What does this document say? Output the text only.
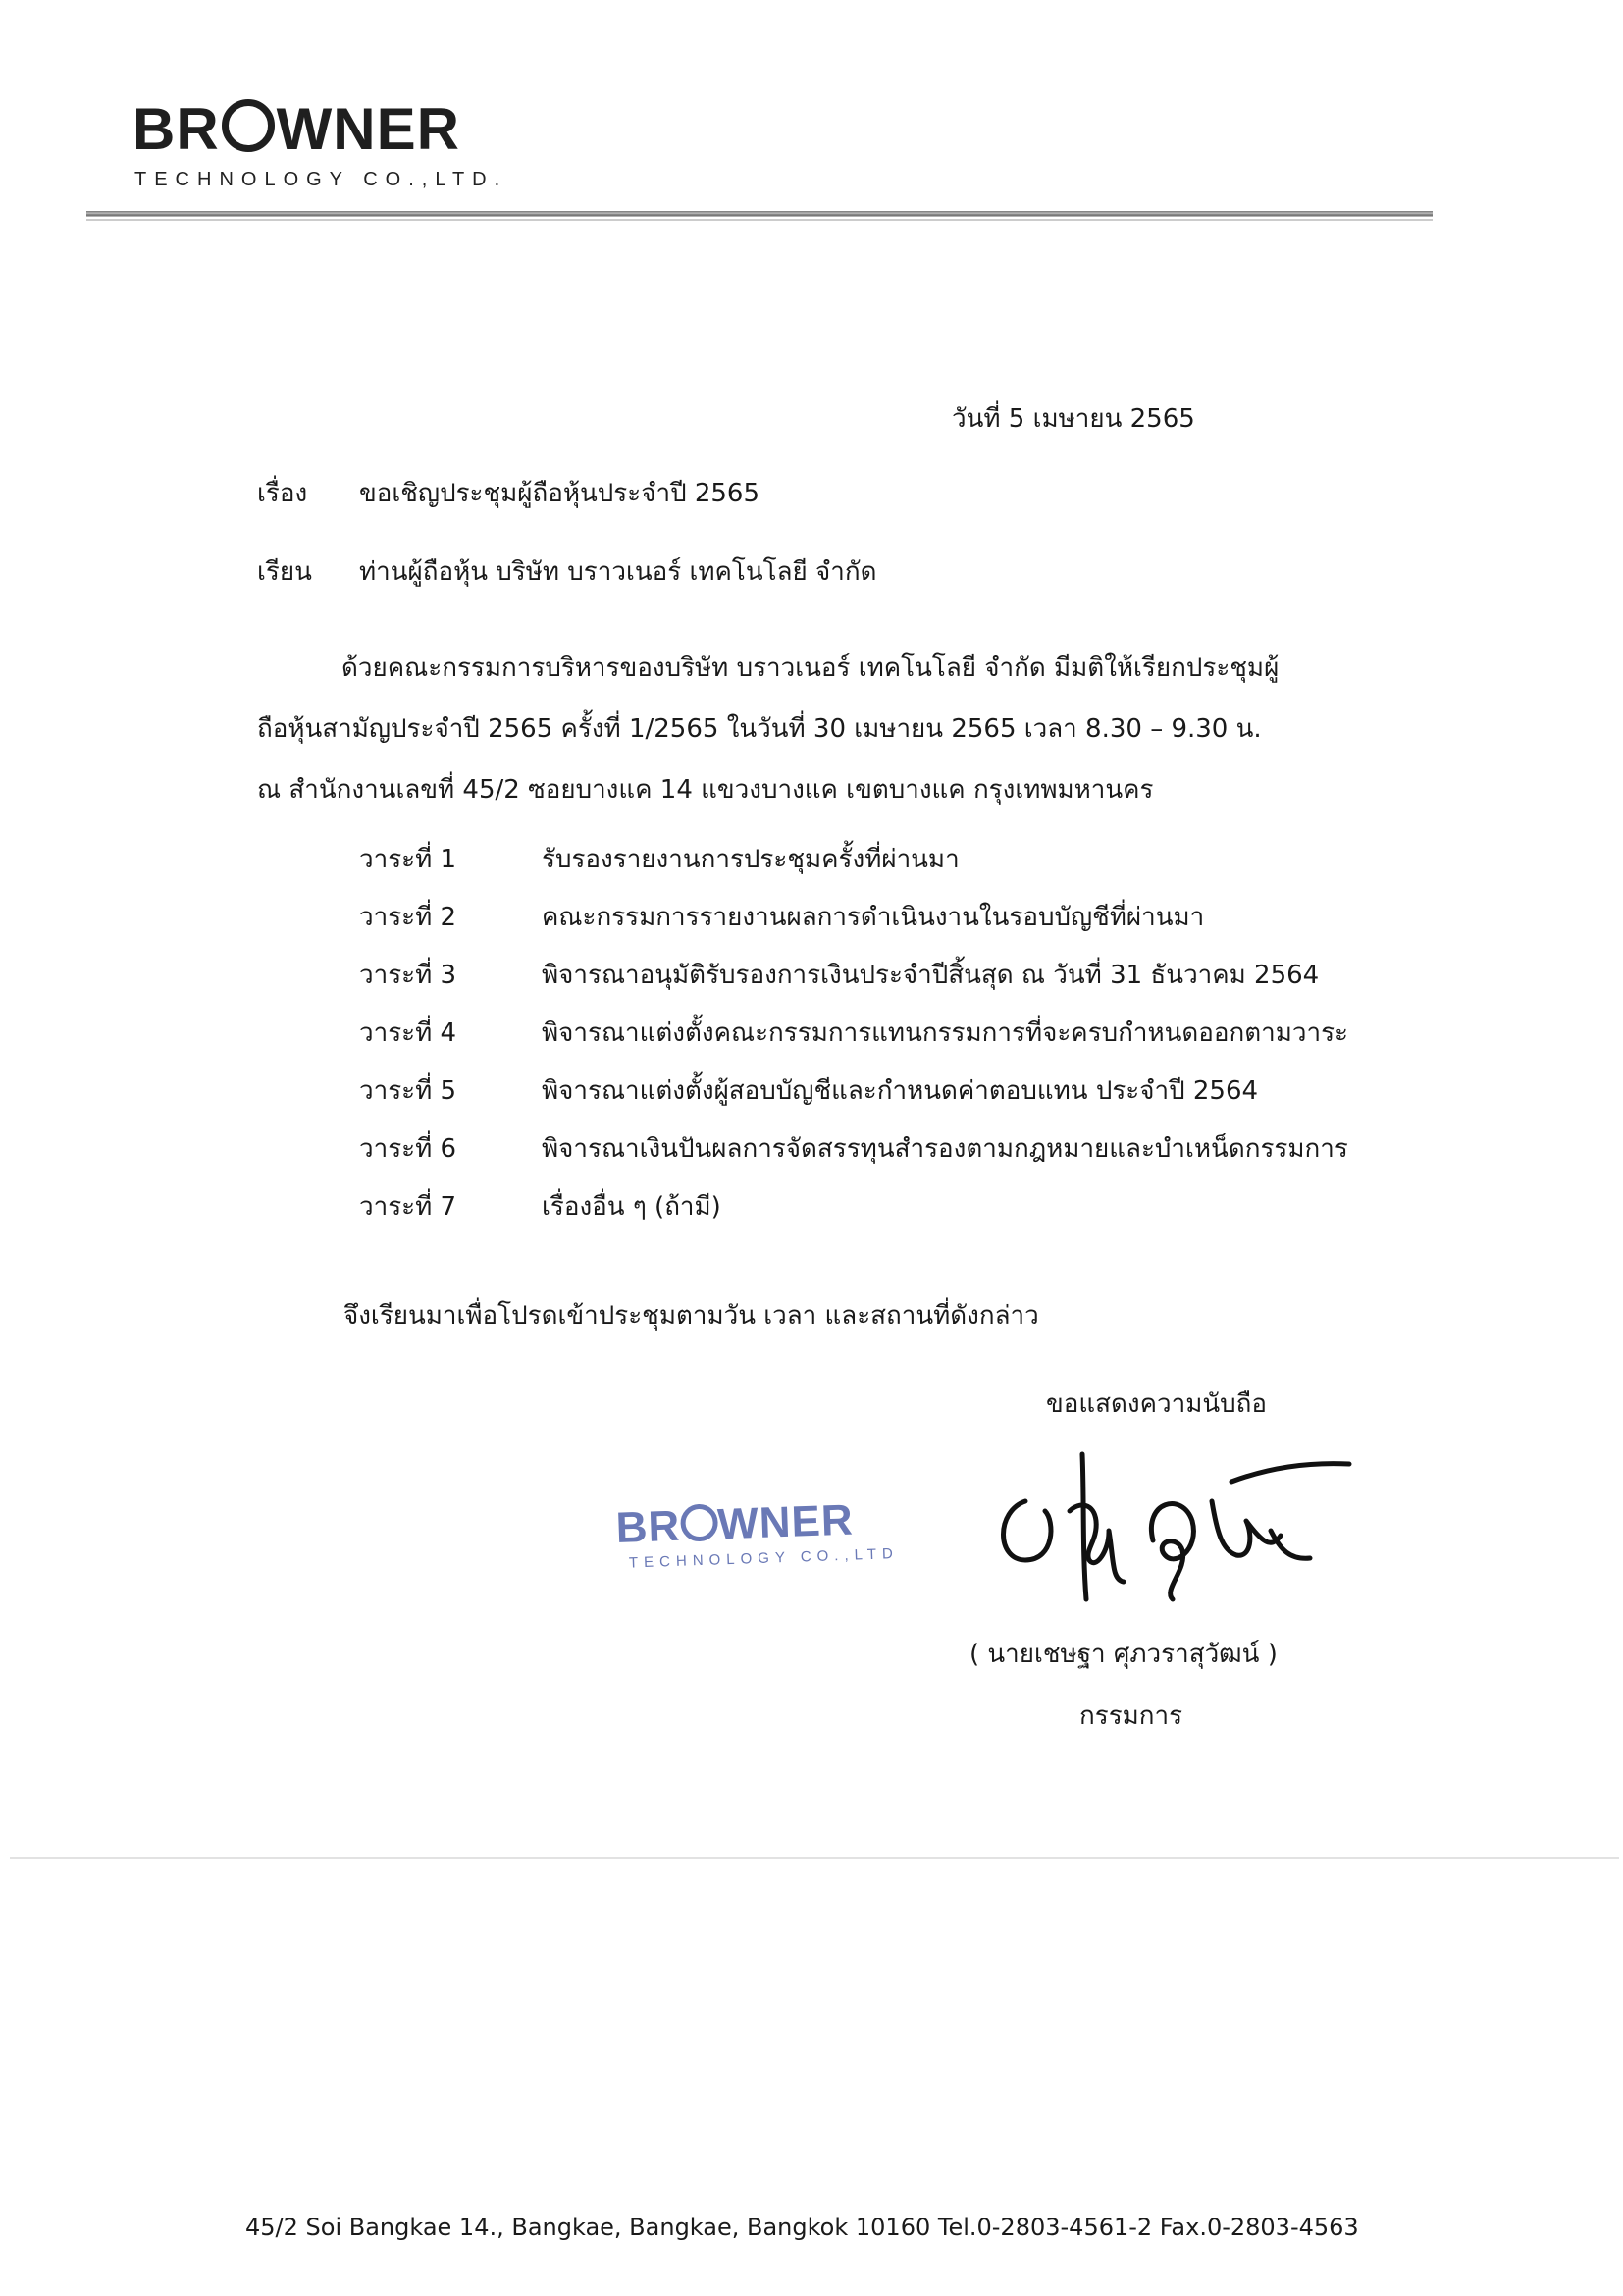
BR WNER
TECHNOLOGY CO.,LTD.
วันที่ 5 เมษายน 2565
เรื่อง ขอเชิญประชุมผู้ถือหุ้นประจำปี 2565
เรียน ท่านผู้ถือหุ้น บริษัท บราวเนอร์ เทคโนโลยี จำกัด
ด้วยคณะกรรมการบริหารของบริษัท บราวเนอร์ เทคโนโลยี จำกัด มีมติให้เรียกประชุมผู้
ถือหุ้นสามัญประจำปี 2565 ครั้งที่ 1/2565 ในวันที่ 30 เมษายน 2565 เวลา 8.30 – 9.30 น.
ณ สำนักงานเลขที่ 45/2 ซอยบางแค 14 แขวงบางแค เขตบางแค กรุงเทพมหานคร
วาระที่ 1	รับรองรายงานการประชุมครั้งที่ผ่านมา
วาระที่ 2	คณะกรรมการรายงานผลการดำเนินงานในรอบบัญชีที่ผ่านมา
วาระที่ 3	พิจารณาอนุมัติรับรองการเงินประจำปีสิ้นสุด ณ วันที่ 31 ธันวาคม 2564
วาระที่ 4	พิจารณาแต่งตั้งคณะกรรมการแทนกรรมการที่จะครบกำหนดออกตามวาระ
วาระที่ 5	พิจารณาแต่งตั้งผู้สอบบัญชีและกำหนดค่าตอบแทน ประจำปี 2564
วาระที่ 6	พิจารณาเงินปันผลการจัดสรรทุนสำรองตามกฎหมายและบำเหน็ดกรรมการ
วาระที่ 7	เรื่องอื่น ๆ (ถ้ามี)
จึงเรียนมาเพื่อโปรดเข้าประชุมตามวัน เวลา และสถานที่ดังกล่าว
ขอแสดงความนับถือ
BR WNER
TECHNOLOGY CO.,LTD
( นายเชษฐา ศุภวราสุวัฒน์ )
กรรมการ
45/2 Soi Bangkae 14., Bangkae, Bangkae, Bangkok 10160 Tel.0-2803-4561-2 Fax.0-2803-4563
